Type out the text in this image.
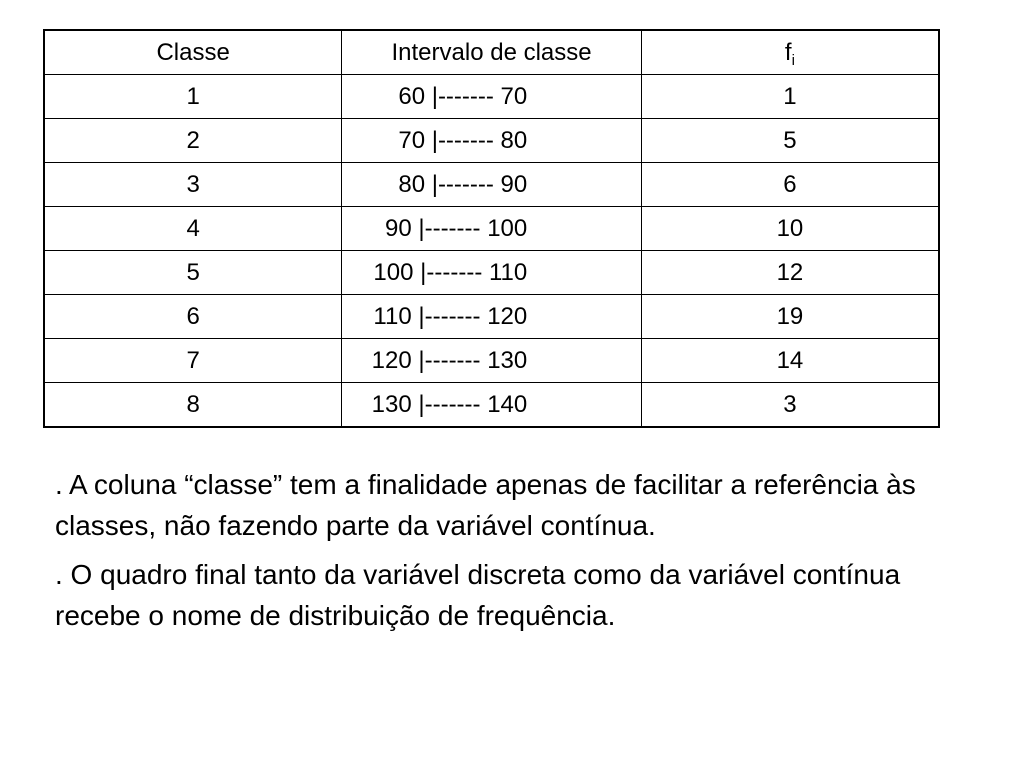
Classe	Intervalo de classe	$f_i$
1	60 |------- 70	1
2	70 |------- 80	5
3	80 |------- 90	6
4	90 |------- 100	10
5	100 |------- 110	12
6	110 |------- 120	19
7	120 |------- 130	14
8	130 |------- 140	3

. A coluna “classe” tem a finalidade apenas de facilitar a referência às classes, não fazendo parte da variável contínua.

. O quadro final tanto da variável discreta como da variável contínua recebe o nome de distribuição de frequência.
